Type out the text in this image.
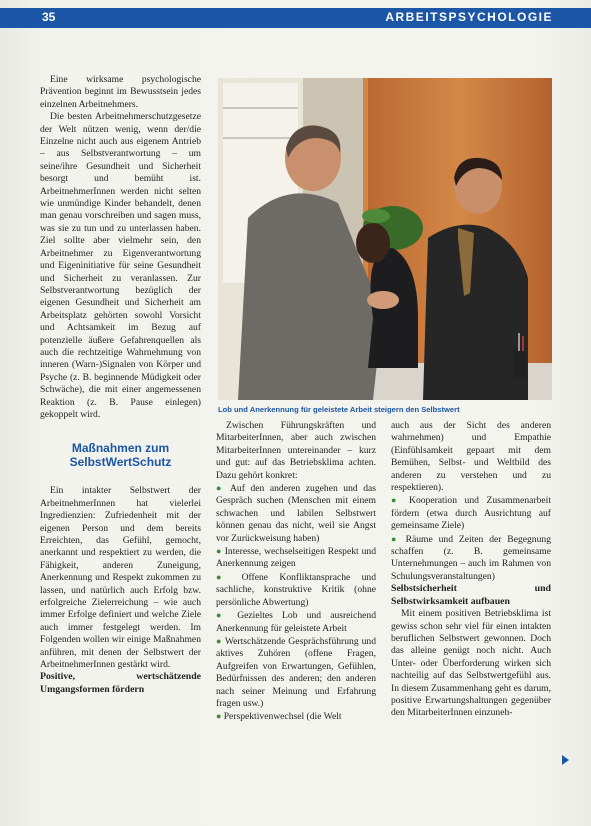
35	ARBEITSPSYCHOLOGIE

Eine wirksame psychologische Prävention beginnt im Bewusstsein jedes einzelnen Arbeitnehmers.

Die besten Arbeitnehmerschutzgesetze der Welt nützen wenig, wenn der/die Einzelne nicht auch aus eigenem Antrieb – aus Selbstverantwortung – um seine/ihre Gesundheit und Sicherheit besorgt und bemüht ist. ArbeitnehmerInnen werden nicht selten wie unmündige Kinder behandelt, denen man genau vorschreiben und sagen muss, was sie zu tun und zu unterlassen haben. Ziel sollte aber vielmehr sein, den Arbeitnehmer zu Eigenverantwortung und Eigeninitiative für seine Gesundheit und Sicherheit zu veranlassen. Zur Selbstverantwortung bezüglich der eigenen Gesundheit und Sicherheit am Arbeitsplatz gehörten sowohl Vorsicht und Achtsamkeit im Bezug auf potenzielle äußere Gefahrenquellen als auch die rechtzeitige Wahrnehmung von inneren (Warn-)Signalen von Körper und Psyche (z. B. beginnende Müdigkeit oder Schwäche), die mit einer angemessenen Reaktion (z. B. Pause einlegen) gekoppelt wird.

Maßnahmen zum SelbstWertSchutz

Ein intakter Selbstwert der ArbeitnehmerInnen hat vielerlei Ingredienzien: Zufriedenheit mit der eigenen Person und dem bereits Erreichten, das Gefühl, gemocht, anerkannt und respektiert zu werden, die Fähigkeit, anderen Zuneigung, Anerkennung und Respekt zukommen zu lassen, und natürlich auch Erfolg bzw. erfolgreiche Zielerreichung – wie auch immer Erfolge definiert und welche Ziele auch immer festgelegt werden. Im Folgenden wollen wir einige Maßnahmen anführen, mit denen der Selbstwert der ArbeitnehmerInnen gestärkt wird.

Positive, wertschätzende Umgangsformen fördern

Lob und Anerkennung für geleistete Arbeit steigern den Selbstwert

Zwischen Führungskräften und MitarbeiterInnen, aber auch zwischen MitarbeiterInnen untereinander – kurz und gut: auf das Betriebsklima achten. Dazu gehört konkret:

● Auf den anderen zugehen und das Gespräch suchen (Menschen mit einem schwachen und labilen Selbstwert können genau das nicht, weil sie Angst vor Zurückweisung haben)

● Interesse, wechselseitigen Respekt und Anerkennung zeigen

● Offene Konfliktansprache und sachliche, konstruktive Kritik (ohne persönliche Abwertung)

● Gezieltes Lob und ausreichend Anerkennung für geleistete Arbeit

● Wertschätzende Gesprächsführung und aktives Zuhören (offene Fragen, Aufgreifen von Erwartungen, Gefühlen, Bedürfnissen des anderen; den anderen nach seiner Meinung und Erfahrung fragen usw.)

● Perspektivenwechsel (die Welt

auch aus der Sicht des anderen wahrnehmen) und Empathie (Einfühlsamkeit gepaart mit dem Bemühen, Selbst- und Weltbild des anderen zu verstehen und zu respektieren).

● Kooperation und Zusammenarbeit fördern (etwa durch Ausrichtung auf gemeinsame Ziele)

● Räume und Zeiten der Begegnung schaffen (z. B. gemeinsame Unternehmungen – auch im Rahmen von Schulungsveranstaltungen)

Selbstsicherheit und Selbstwirksamkeit aufbauen

Mit einem positiven Betriebsklima ist gewiss schon sehr viel für einen intakten beruflichen Selbstwert gewonnen. Doch das alleine genügt noch nicht. Auch Unter- oder Überforderung wirken sich nachteilig auf das Selbstwertgefühl aus. In diesem Zusammenhang geht es darum, positive Erwartungshaltungen gegenüber den MitarbeiterInnen einzuneh-
